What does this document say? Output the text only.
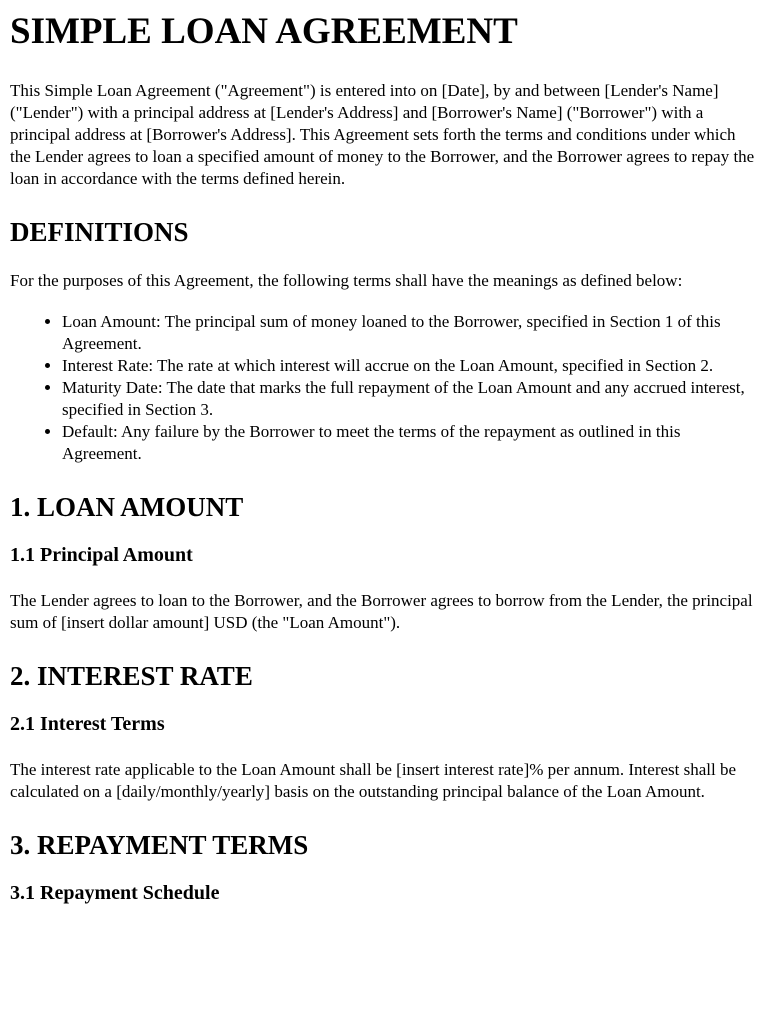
SIMPLE LOAN AGREEMENT

This Simple Loan Agreement ("Agreement") is entered into on [Date], by and between [Lender's Name] ("Lender") with a principal address at [Lender's Address] and [Borrower's Name] ("Borrower") with a principal address at [Borrower's Address]. This Agreement sets forth the terms and conditions under which the Lender agrees to loan a specified amount of money to the Borrower, and the Borrower agrees to repay the loan in accordance with the terms defined herein.

DEFINITIONS

For the purposes of this Agreement, the following terms shall have the meanings as defined below:

• Loan Amount: The principal sum of money loaned to the Borrower, specified in Section 1 of this Agreement.
• Interest Rate: The rate at which interest will accrue on the Loan Amount, specified in Section 2.
• Maturity Date: The date that marks the full repayment of the Loan Amount and any accrued interest, specified in Section 3.
• Default: Any failure by the Borrower to meet the terms of the repayment as outlined in this Agreement.
1. LOAN AMOUNT
1.1 Principal Amount

The Lender agrees to loan to the Borrower, and the Borrower agrees to borrow from the Lender, the principal sum of [insert dollar amount] USD (the "Loan Amount").

2. INTEREST RATE
2.1 Interest Terms

The interest rate applicable to the Loan Amount shall be [insert interest rate]% per annum. Interest shall be calculated on a [daily/monthly/yearly] basis on the outstanding principal balance of the Loan Amount.

3. REPAYMENT TERMS
3.1 Repayment Schedule
